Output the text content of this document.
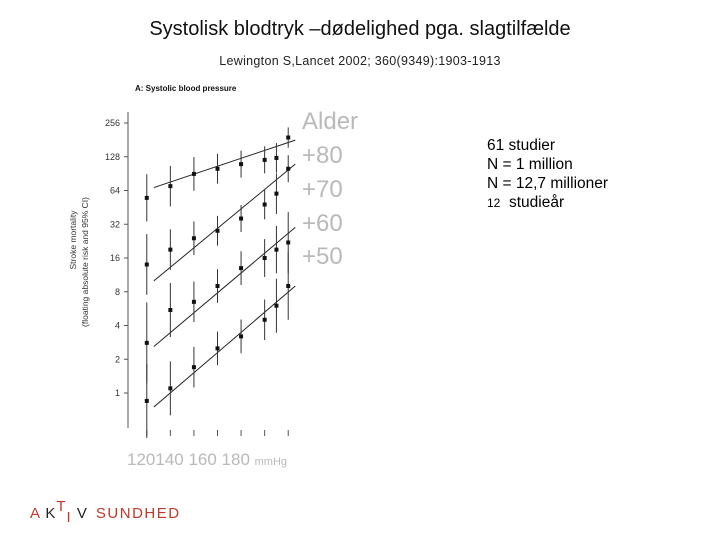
Systolisk blodtryk –dødelighed pga. slagtilfælde
Lewington S,Lancet 2002; 360(9349):1903-1913
A: Systolic blood pressure
Alder
+80
+70
+60
+50
61 studier
N = 1 million
N = 12,7 millioner
12 studieår
120140 160 180 mmHg
A KTI V SUNDHED
256
128
64
32
16
8
4
2
1
Stroke mortality (floating absolute risk and 95% CI)
